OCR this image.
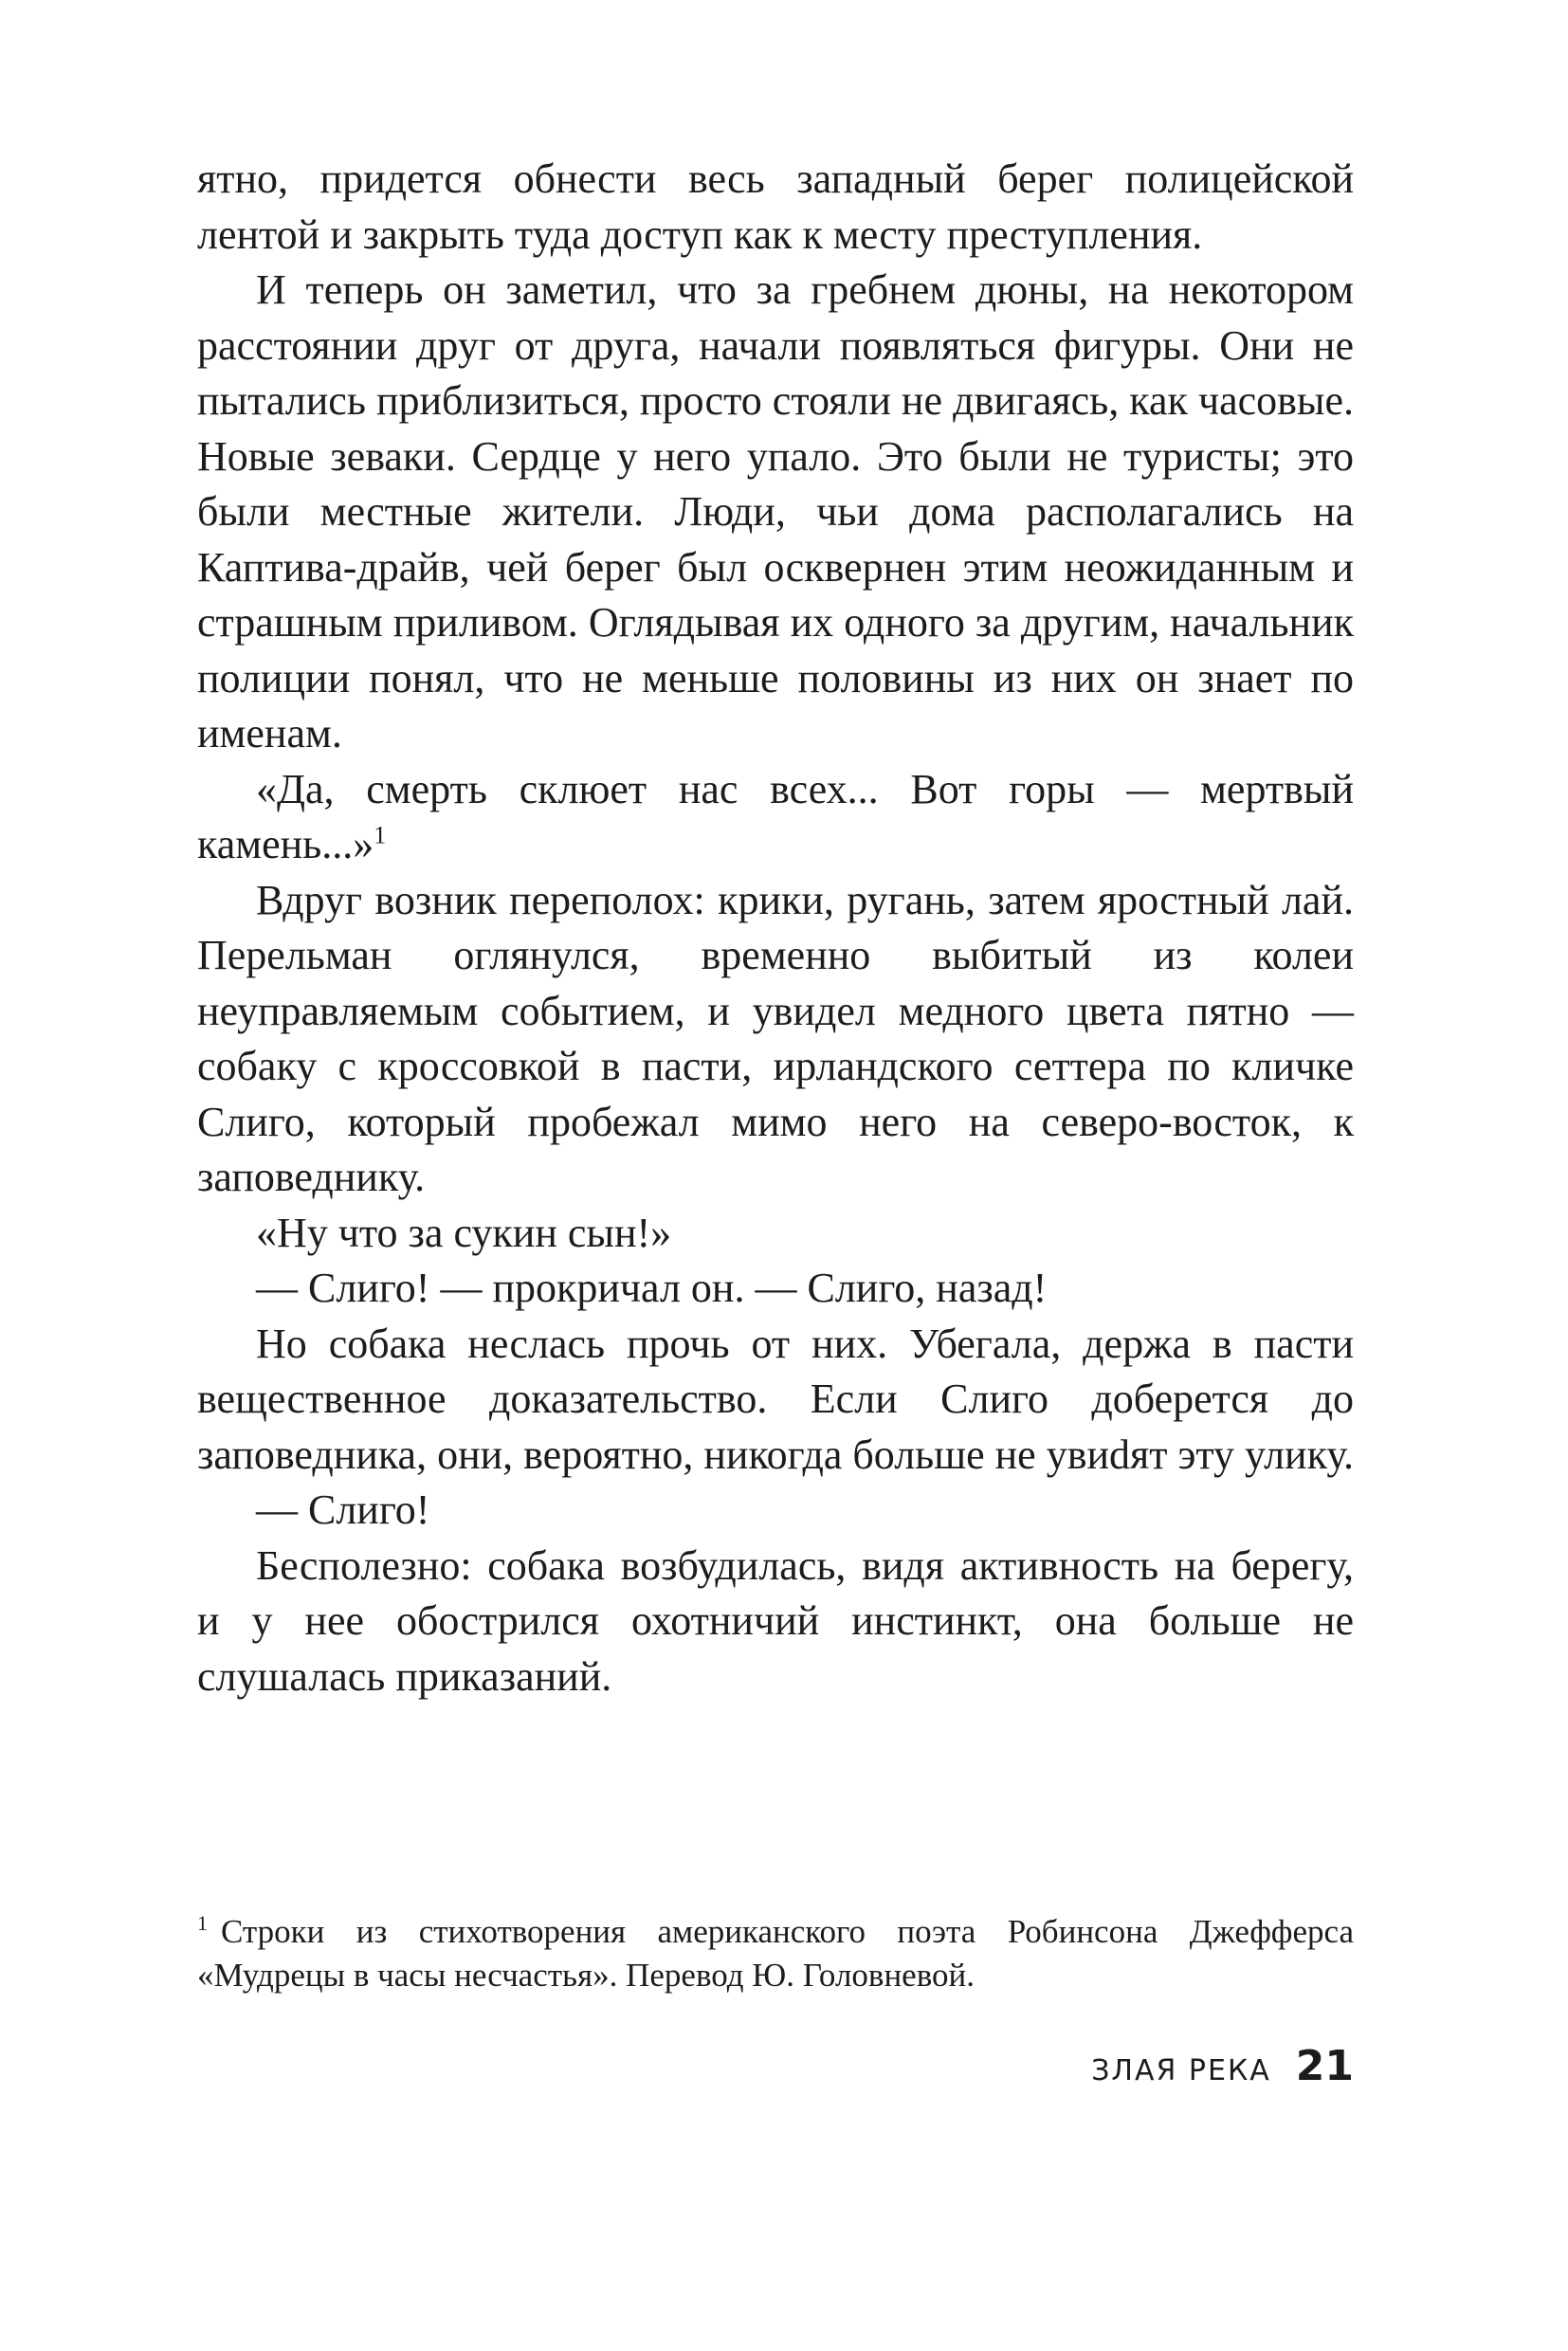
ятно, придется обнести весь западный берег полицейской лентой и закрыть туда доступ как к месту преступления.

И теперь он заметил, что за гребнем дюны, на некотором расстоянии друг от друга, начали появляться фигуры. Они не пытались приблизиться, просто стояли не двигаясь, как часовые. Новые зеваки. Сердце у него упало. Это были не туристы; это были местные жители. Люди, чьи дома располагались на Каптива-драйв, чей берег был осквернен этим неожиданным и страшным приливом. Оглядывая их одного за другим, начальник полиции понял, что не меньше половины из них он знает по именам.

«Да, смерть склюет нас всех... Вот горы — мертвый камень...»$^1$

Вдруг возник переполох: крики, ругань, затем яростный лай. Перельман оглянулся, временно выбитый из колеи неуправляемым событием, и увидел медного цвета пятно — собаку с кроссовкой в пасти, ирландского сеттера по кличке Слиго, который пробежал мимо него на северо-восток, к заповеднику.

«Ну что за сукин сын!»

— Слиго! — прокричал он. — Слиго, назад!

Но собака неслась прочь от них. Убегала, держа в пасти вещественное доказательство. Если Слиго доберется до заповедника, они, вероятно, никогда больше не увиdят эту улику.

— Слиго!

Бесполезно: собака возбудилась, видя активность на берегу, и у нее обострился охотничий инстинкт, она больше не слушалась приказаний.

$^1$ Строки из стихотворения американского поэта Робинсона Джефферса «Мудрецы в часы несчастья». Перевод Ю. Головневой.
ЗЛАЯ РЕКА 21
